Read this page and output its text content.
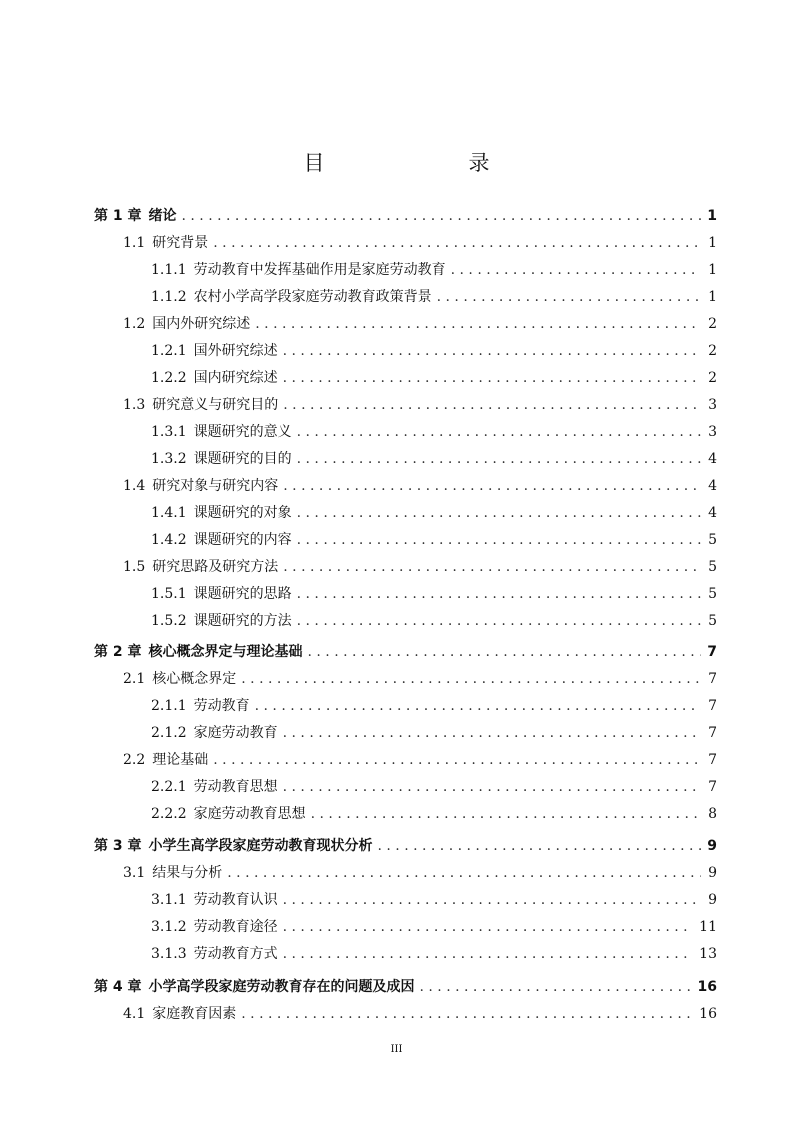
目　　录
第 1 章 绪论 . . .	1
1.1 研究背景 . . .	1
1.1.1 劳动教育中发挥基础作用是家庭劳动教育 . . .	1
1.1.2 农村小学高学段家庭劳动教育政策背景 . . .	1
1.2 国内外研究综述 . . .	2
1.2.1 国外研究综述 . . .	2
1.2.2 国内研究综述 . . .	2
1.3 研究意义与研究目的 . . .	3
1.3.1 课题研究的意义 . . .	3
1.3.2 课题研究的目的 . . .	4
1.4 研究对象与研究内容 . . .	4
1.4.1 课题研究的对象 . . .	4
1.4.2 课题研究的内容 . . .	5
1.5 研究思路及研究方法 . . .	5
1.5.1 课题研究的思路 . . .	5
1.5.2 课题研究的方法 . . .	5
第 2 章 核心概念界定与理论基础 . . .	7
2.1 核心概念界定 . . .	7
2.1.1 劳动教育 . . .	7
2.1.2 家庭劳动教育 . . .	7
2.2 理论基础 . . .	7
2.2.1 劳动教育思想 . . .	7
2.2.2 家庭劳动教育思想 . . .	8
第 3 章 小学生高学段家庭劳动教育现状分析 . . .	9
3.1 结果与分析 . . .	9
3.1.1 劳动教育认识 . . .	9
3.1.2 劳动教育途径 . . .	11
3.1.3 劳动教育方式 . . .	13
第 4 章 小学高学段家庭劳动教育存在的问题及成因 . . .	16
4.1 家庭教育因素 . . .	16
III
